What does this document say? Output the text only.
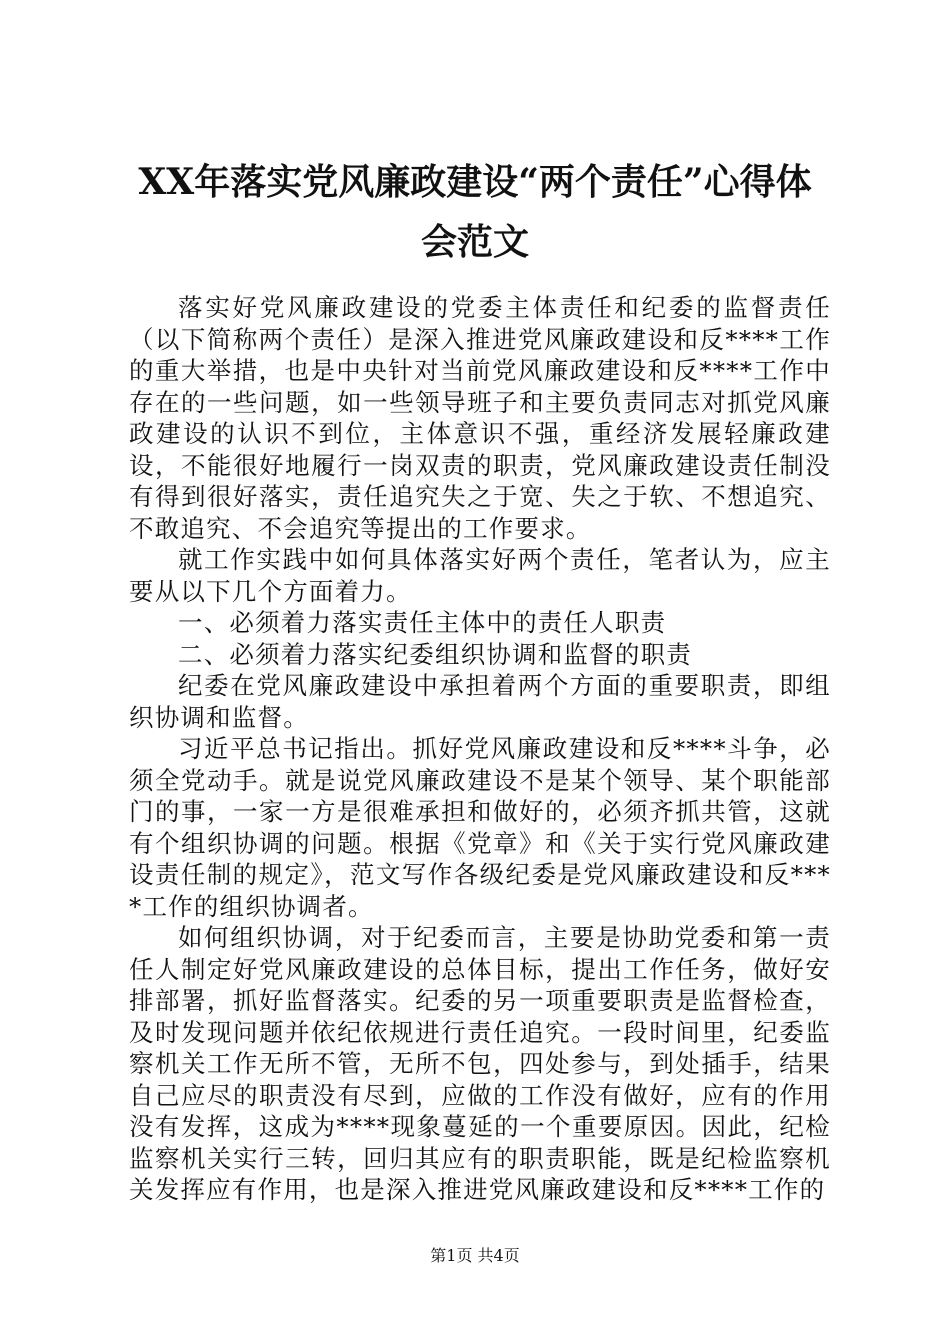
XX年落实党风廉政建设“两个责任”心得体
会范文

落实好党风廉政建设的党委主体责任和纪委的监督责任（以下简称两个责任）是深入推进党风廉政建设和反****工作的重大举措，也是中央针对当前党风廉政建设和反****工作中存在的一些问题，如一些领导班子和主要负责同志对抓党风廉政建设的认识不到位，主体意识不强，重经济发展轻廉政建设，不能很好地履行一岗双责的职责，党风廉政建设责任制没有得到很好落实，责任追究失之于宽、失之于软、不想追究、不敢追究、不会追究等提出的工作要求。

就工作实践中如何具体落实好两个责任，笔者认为，应主要从以下几个方面着力。

一、必须着力落实责任主体中的责任人职责

二、必须着力落实纪委组织协调和监督的职责

纪委在党风廉政建设中承担着两个方面的重要职责，即组织协调和监督。

习近平总书记指出。抓好党风廉政建设和反****斗争，必须全党动手。就是说党风廉政建设不是某个领导、某个职能部门的事，一家一方是很难承担和做好的，必须齐抓共管，这就有个组织协调的问题。根据《党章》和《关于实行党风廉政建设责任制的规定》，范文写作各级纪委是党风廉政建设和反****工作的组织协调者。

如何组织协调，对于纪委而言，主要是协助党委和第一责任人制定好党风廉政建设的总体目标，提出工作任务，做好安排部署，抓好监督落实。纪委的另一项重要职责是监督检查，及时发现问题并依纪依规进行责任追究。一段时间里，纪委监察机关工作无所不管，无所不包，四处参与，到处插手，结果自己应尽的职责没有尽到，应做的工作没有做好，应有的作用没有发挥，这成为****现象蔓延的一个重要原因。因此，纪检监察机关实行三转，回归其应有的职责职能，既是纪检监察机关发挥应有作用，也是深入推进党风廉政建设和反****工作的

第1页 共4页
